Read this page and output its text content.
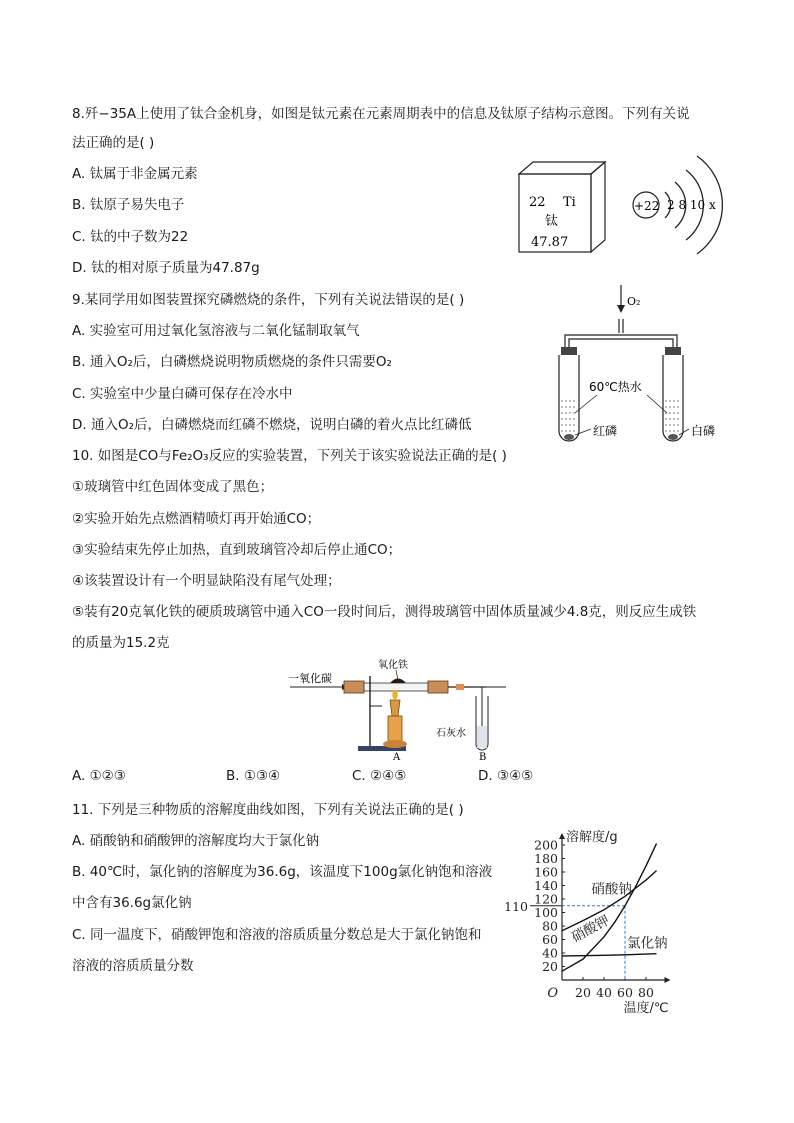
8.歼−35A上使用了钛合金机身，如图是钛元素在元素周期表中的信息及钛原子结构示意图。下列有关说
法正确的是( )
A. 钛属于非金属元素
B. 钛原子易失电子
C. 钛的中子数为22
D. 钛的相对原子质量为47.87g
22 Ti
钛
47.87
+22 2 8 10 x
9.某同学用如图装置探究磷燃烧的条件，下列有关说法错误的是( )
A. 实验室可用过氧化氢溶液与二氧化锰制取氧气
B. 通入O₂后，白磷燃烧说明物质燃烧的条件只需要O₂
C. 实验室中少量白磷可保存在冷水中
D. 通入O₂后，白磷燃烧而红磷不燃烧，说明白磷的着火点比红磷低
O₂
60℃热水
红磷	白磷
10. 如图是CO与Fe₂O₃反应的实验装置，下列关于该实验说法正确的是( )
①玻璃管中红色固体变成了黑色；
②实验开始先点燃酒精喷灯再开始通CO；
③实验结束先停止加热，直到玻璃管冷却后停止通CO；
④该装置设计有一个明显缺陷没有尾气处理；
⑤装有20克氧化铁的硬质玻璃管中通入CO一段时间后，测得玻璃管中固体质量减少4.8克，则反应生成铁
的质量为15.2克
一氧化碳
氧化铁
石灰水
B
A
A. ①②③	B. ①③④	C. ②④⑤	D. ③④⑤
11. 下列是三种物质的溶解度曲线如图，下列有关说法正确的是( )
A. 硝酸钠和硝酸钾的溶解度均大于氯化钠
B. 40℃时，氯化钠的溶解度为36.6g，该温度下100g氯化钠饱和溶液
中含有36.6g氯化钠
C. 同一温度下，硝酸钾饱和溶液的溶质质量分数总是大于氯化钠饱和
溶液的溶质质量分数	20
40
60
80
100
120
140
160
180
200
20 40 60 80
O
溶解度/g
温度/℃
110
硝酸钠
硝酸钾 氯化钠
